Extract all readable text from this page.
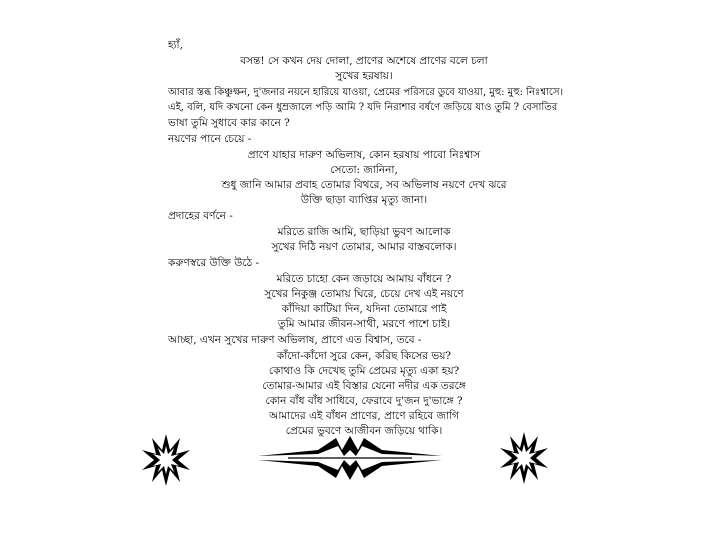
হ্যাঁ,
বসন্ত! সে কখন দেয় দোলা, প্রাণের অশেষে প্রাণের বলে চলা
সুখের হরষায়।
আবার স্তব্ধ কিঞ্চুক্ষন, দু'জনার নয়নে হারিয়ে যাওয়া, প্রেমের পরিসরে ডুবে যাওয়া, মুহু: মুহু: নিঃশ্বাসে।
এই, বলি, যদি কখনো কেন ধুম্রজালে পড়ি আমি ? যদি নিরাশার বর্ষণে জড়িয়ে যাও তুমি ? বেসাতির
ভাষা তুমি সুধাবে কার কানে ?
নয়ণের পানে চেয়ে -
প্রাণে যাহার দারুণ অভিলাষ, কোন হরষায় পাবো নিঃশ্বাস
সেতো: জানিনা,
শুধু জানি আমার প্রবাহ তোমার বিথরে, সব অভিলাষ নয়ণে দেখ ঝরে
উক্তি ছাড়া ব্যাপ্তির মৃত্যু জানা।
প্রদাহের বর্ণনে -
মরিতে রাজি আমি, ছাড়িয়া ভুবণ আলোক
সুখের দিঠি নয়ণ তোমার, আমার বাস্তবলোক।
করুণস্বরে উক্তি উঠে -
মরিতে চাহো কেন জড়ায়ে আমায় বাঁধনে ?
সুখের নিকুঞ্জ তোমায় ঘিরে, চেয়ে দেখ এই নয়ণে
কাঁদিয়া কাটিয়া দিন, যদিনা তোমারে পাই
তুমি আমার জীবন-সাথী, মরণে পাশে চাই।
আচ্ছা, এখন সুখের দারুণ অভিলাষ, প্রাণে এত বিশ্বাস, তবে -
কাঁদো-কাঁদো সুরে কেন, করিছ কিসের ভয়?
কোথাও কি দেখেছ তুমি প্রেমের মৃত্যু একা হয়?
তোমার-আমার এই বিস্তার যেনো নদীর এক তরঙ্গে
কোন বাঁধ বাঁধ সাধিবে, ফেরাবে দু'জন দু'ভাঙ্গে ?
আমাদের এই বাঁধন প্রাণের, প্রাণে রহিবে জাগি
প্রেমের ভুবণে আজীবন জড়িয়ে থাকি।
